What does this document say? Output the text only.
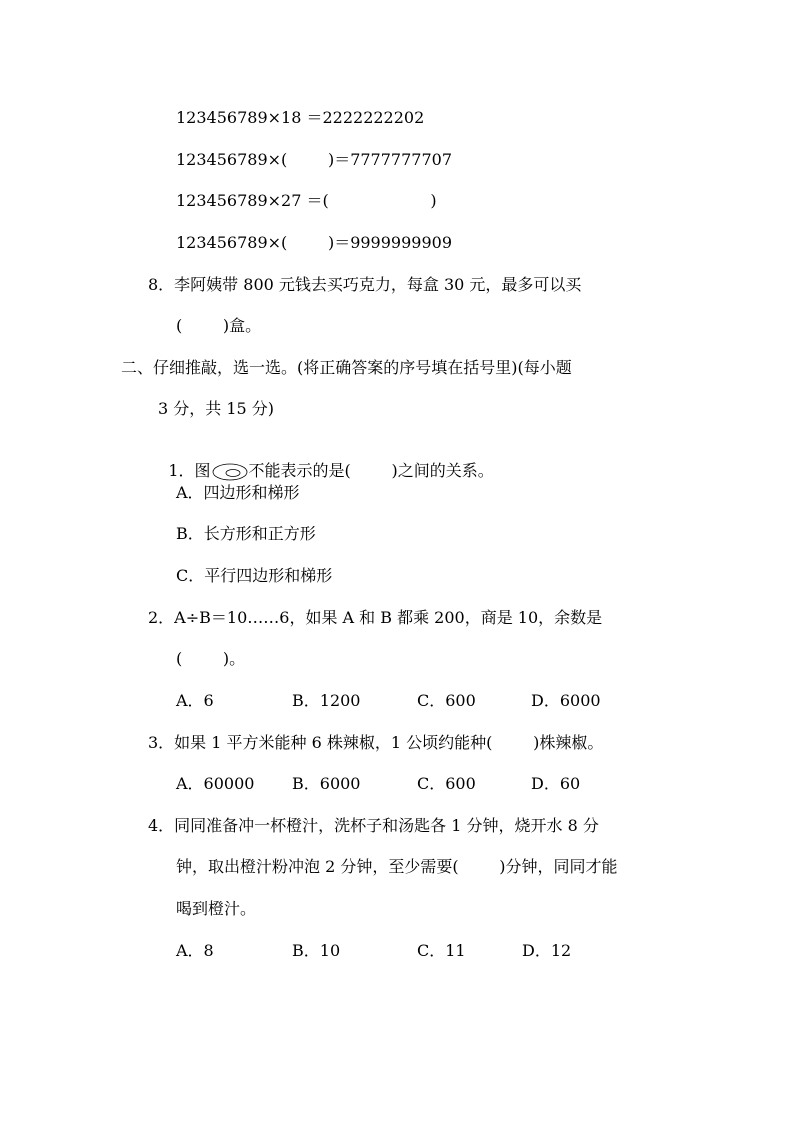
123456789×18 ＝2222222202
123456789×(        )＝7777777707
123456789×27 ＝(                    )
123456789×(        )＝9999999909
8．李阿姨带 800 元钱去买巧克力，每盒 30 元，最多可以买
(        )盒。
二、仔细推敲，选一选。(将正确答案的序号填在括号里)(每小题
3 分，共 15 分)

1．图 不能表示的是(        )之间的关系。

A．四边形和梯形
B．长方形和正方形
C．平行四边形和梯形
2．A÷B＝10……6，如果 A 和 B 都乘 200，商是 10，余数是
(        )。
A．6	B．1200	C．600	D．6000
3．如果 1 平方米能种 6 株辣椒，1 公顷约能种(        )株辣椒。
A．60000 B．6000	C．600	D．60
4．同同准备冲一杯橙汁，洗杯子和汤匙各 1 分钟，烧开水 8 分
钟，取出橙汁粉冲泡 2 分钟，至少需要(        )分钟，同同才能
喝到橙汁。
A．8	B．10	C．11	D．12
